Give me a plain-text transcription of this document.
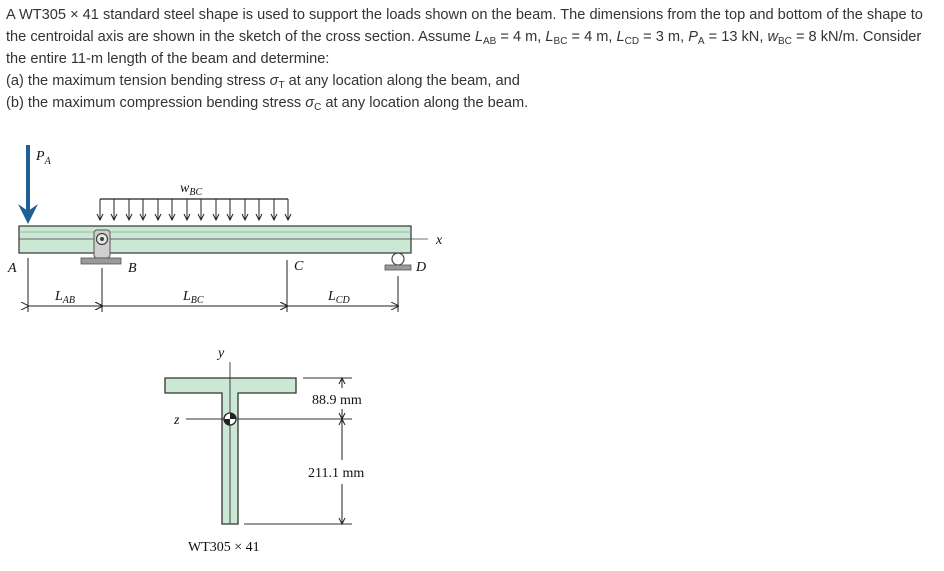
A WT305 × 41 standard steel shape is used to support the loads shown on the beam. The dimensions from the top and bottom of the shape to the centroidal axis are shown in the sketch of the cross section. Assume $L_{AB} = 4$ m, $L_{BC} = 4$ m, $L_{CD} = 3$ m, $P_A = 13$ kN, $w_{BC} = 8$ kN/m. Consider the entire 11-m length of the beam and determine:

(a) the maximum tension bending stress $\sigma_T$ at any location along the beam, and

(b) the maximum compression bending stress $\sigma_C$ at any location along the beam.

$P_A$
$w_{BC}$
x
B	D
A	C
$L_{AB}$	$L_{BC}$	$L_{CD}$
y
z
88.9 mm
211.1 mm
WT305 × 41
